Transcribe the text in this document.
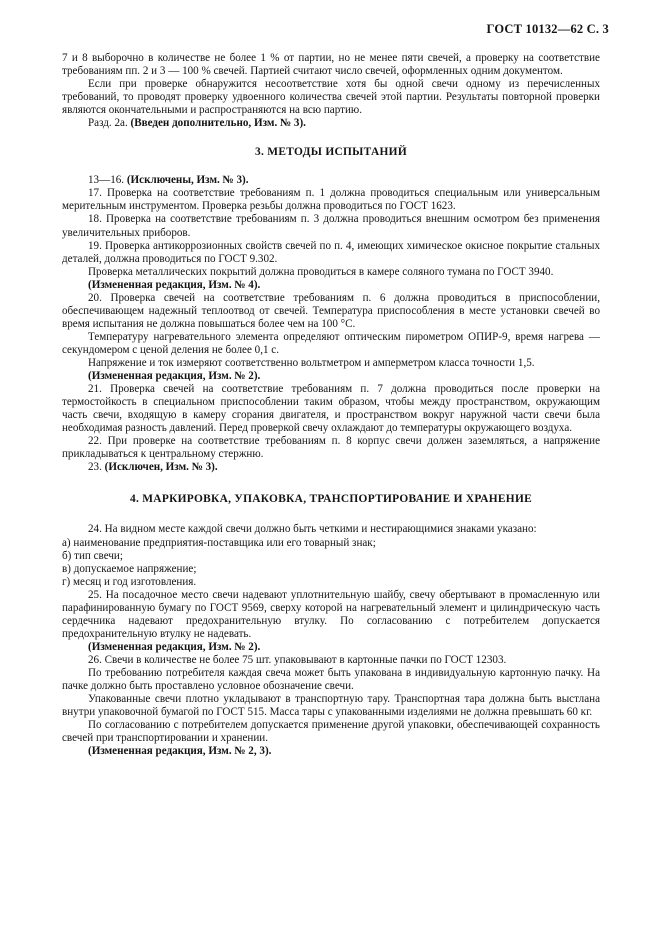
ГОСТ 10132—62 С. 3

7 и 8 выборочно в количестве не более 1 % от партии, но не менее пяти свечей, а проверку на соответствие требованиям пп. 2 и 3 — 100 % свечей. Партией считают число свечей, оформленных одним документом.

Если при проверке обнаружится несоответствие хотя бы одной свечи одному из перечисленных требований, то проводят проверку удвоенного количества свечей этой партии. Результаты повторной проверки являются окончательными и распространяются на всю партию.

Разд. 2а. (Введен дополнительно, Изм. № 3).

3. МЕТОДЫ ИСПЫТАНИЙ

13—16. (Исключены, Изм. № 3).

17. Проверка на соответствие требованиям п. 1 должна проводиться специальным или универсальным мерительным инструментом. Проверка резьбы должна проводиться по ГОСТ 1623.

18. Проверка на соответствие требованиям п. 3 должна проводиться внешним осмотром без применения увеличительных приборов.

19. Проверка антикоррозионных свойств свечей по п. 4, имеющих химическое окисное покрытие стальных деталей, должна проводиться по ГОСТ 9.302.

Проверка металлических покрытий должна проводиться в камере соляного тумана по ГОСТ 3940.

(Измененная редакция, Изм. № 4).

20. Проверка свечей на соответствие требованиям п. 6 должна проводиться в приспособлении, обеспечивающем надежный теплоотвод от свечей. Температура приспособления в месте установки свечей во время испытания не должна повышаться более чем на 100 °С.

Температуру нагревательного элемента определяют оптическим пирометром ОПИР-9, время нагрева — секундомером с ценой деления не более 0,1 с.

Напряжение и ток измеряют соответственно вольтметром и амперметром класса точности 1,5.

(Измененная редакция, Изм. № 2).

21. Проверка свечей на соответствие требованиям п. 7 должна проводиться после проверки на термостойкость в специальном приспособлении таким образом, чтобы между пространством, окружающим часть свечи, входящую в камеру сгорания двигателя, и пространством вокруг наружной части свечи была необходимая разность давлений. Перед проверкой свечу охлаждают до температуры окружающего воздуха.

22. При проверке на соответствие требованиям п. 8 корпус свечи должен заземляться, а напряжение прикладываться к центральному стержню.

23. (Исключен, Изм. № 3).

4. МАРКИРОВКА, УПАКОВКА, ТРАНСПОРТИРОВАНИЕ И ХРАНЕНИЕ

24. На видном месте каждой свечи должно быть четкими и нестирающимися знаками указано:

а) наименование предприятия-поставщика или его товарный знак;

б) тип свечи;

в) допускаемое напряжение;

г) месяц и год изготовления.

25. На посадочное место свечи надевают уплотнительную шайбу, свечу обертывают в промасленную или парафинированную бумагу по ГОСТ 9569, сверху которой на нагревательный элемент и цилиндрическую часть сердечника надевают предохранительную втулку. По согласованию с потребителем допускается предохранительную втулку не надевать.

(Измененная редакция, Изм. № 2).

26. Свечи в количестве не более 75 шт. упаковывают в картонные пачки по ГОСТ 12303.

По требованию потребителя каждая свеча может быть упакована в индивидуальную картонную пачку. На пачке должно быть проставлено условное обозначение свечи.

Упакованные свечи плотно укладывают в транспортную тару. Транспортная тара должна быть выстлана внутри упаковочной бумагой по ГОСТ 515. Масса тары с упакованными изделиями не должна превышать 60 кг.

По согласованию с потребителем допускается применение другой упаковки, обеспечивающей сохранность свечей при транспортировании и хранении.

(Измененная редакция, Изм. № 2, 3).
